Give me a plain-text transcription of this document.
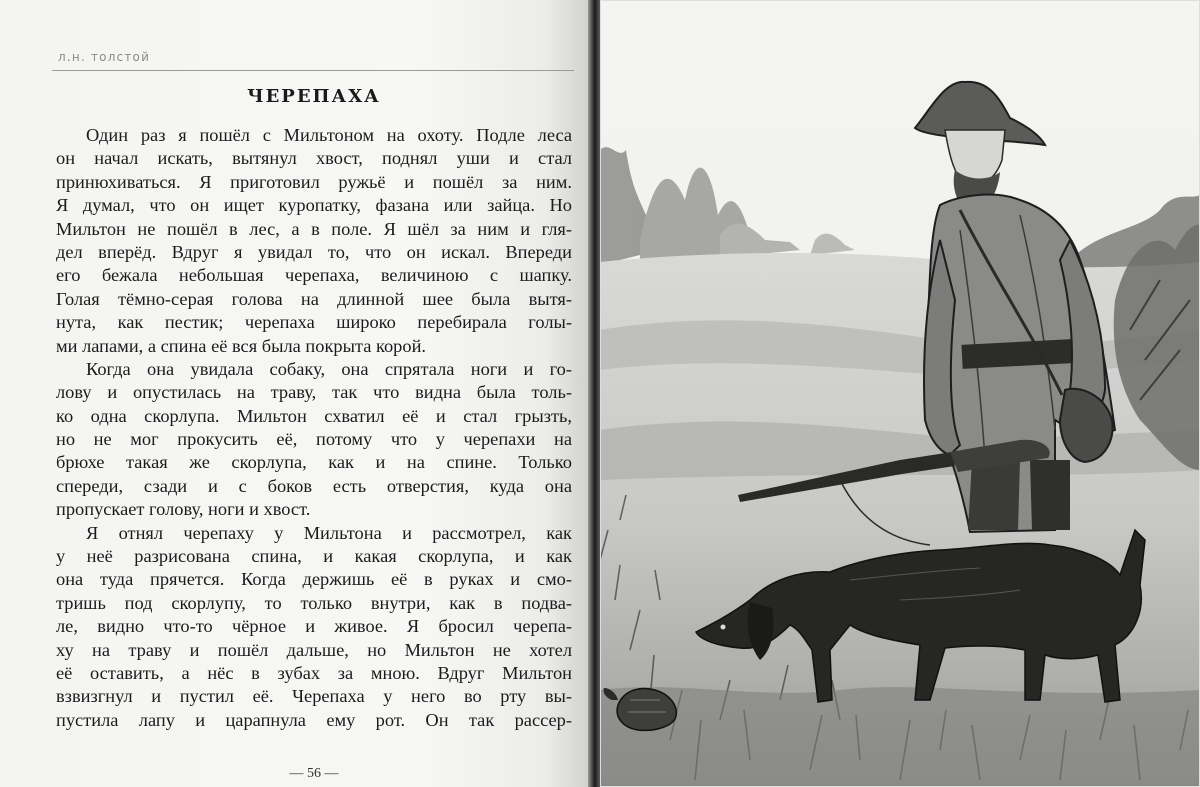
л.н. толстой
ЧЕРЕПАХА
Один раз я пошёл с Мильтоном на охоту. Подле леса
он начал искать, вытянул хвост, поднял уши и стал
принюхиваться. Я приготовил ружьё и пошёл за ним.
Я думал, что он ищет куропатку, фазана или зайца. Но
Мильтон не пошёл в лес, а в поле. Я шёл за ним и гля-
дел вперёд. Вдруг я увидал то, что он искал. Впереди
его бежала небольшая черепаха, величиною с шапку.
Голая тёмно-серая голова на длинной шее была вытя-
нута, как пестик; черепаха широко перебирала голы-
ми лапами, а спина её вся была покрыта корой.
Когда она увидала собаку, она спрятала ноги и го-
лову и опустилась на траву, так что видна была толь-
ко одна скорлупа. Мильтон схватил её и стал грызть,
но не мог прокусить её, потому что у черепахи на
брюхе такая же скорлупа, как и на спине. Только
спереди, сзади и с боков есть отверстия, куда она
пропускает голову, ноги и хвост.
Я отнял черепаху у Мильтона и рассмотрел, как
у неё разрисована спина, и какая скорлупа, и как
она туда прячется. Когда держишь её в руках и смо-
тришь под скорлупу, то только внутри, как в подва-
ле, видно что-то чёрное и живое. Я бросил черепа-
ху на траву и пошёл дальше, но Мильтон не хотел
её оставить, а нёс в зубах за мною. Вдруг Мильтон
взвизгнул и пустил её. Черепаха у него во рту вы-
пустила лапу и царапнула ему рот. Он так рассер-
— 56 —
